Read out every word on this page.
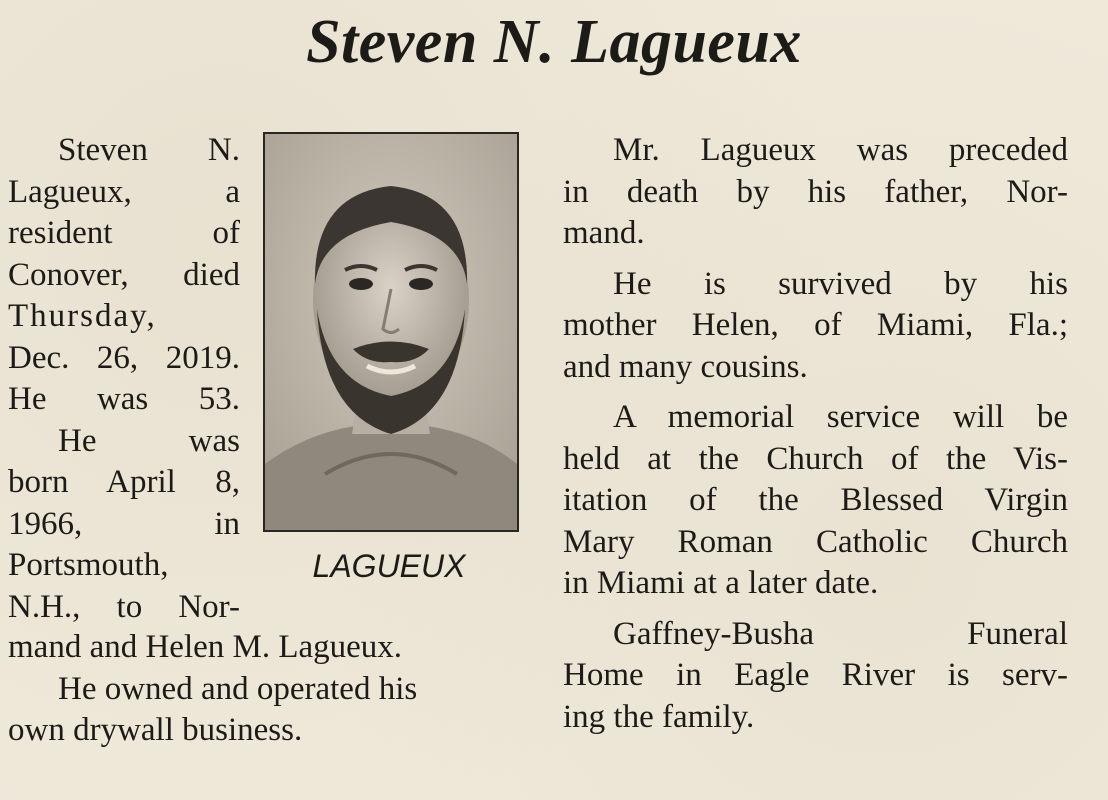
Steven N. Lagueux
Steven N.
Lagueux, a
resident of
Conover, died
Thursday,
Dec. 26, 2019.
He was 53.
He was
born April 8,
1966, in
Portsmouth,
N.H., to Nor-
LAGUEUX
mand and Helen M. Lagueux.
He owned and operated his
own drywall business.
Mr. Lagueux was preceded
in death by his father, Nor-
mand.
He is survived by his
mother Helen, of Miami, Fla.;
and many cousins.
A memorial service will be
held at the Church of the Vis-
itation of the Blessed Virgin
Mary Roman Catholic Church
in Miami at a later date.
Gaffney-Busha Funeral
Home in Eagle River is serv-
ing the family.
